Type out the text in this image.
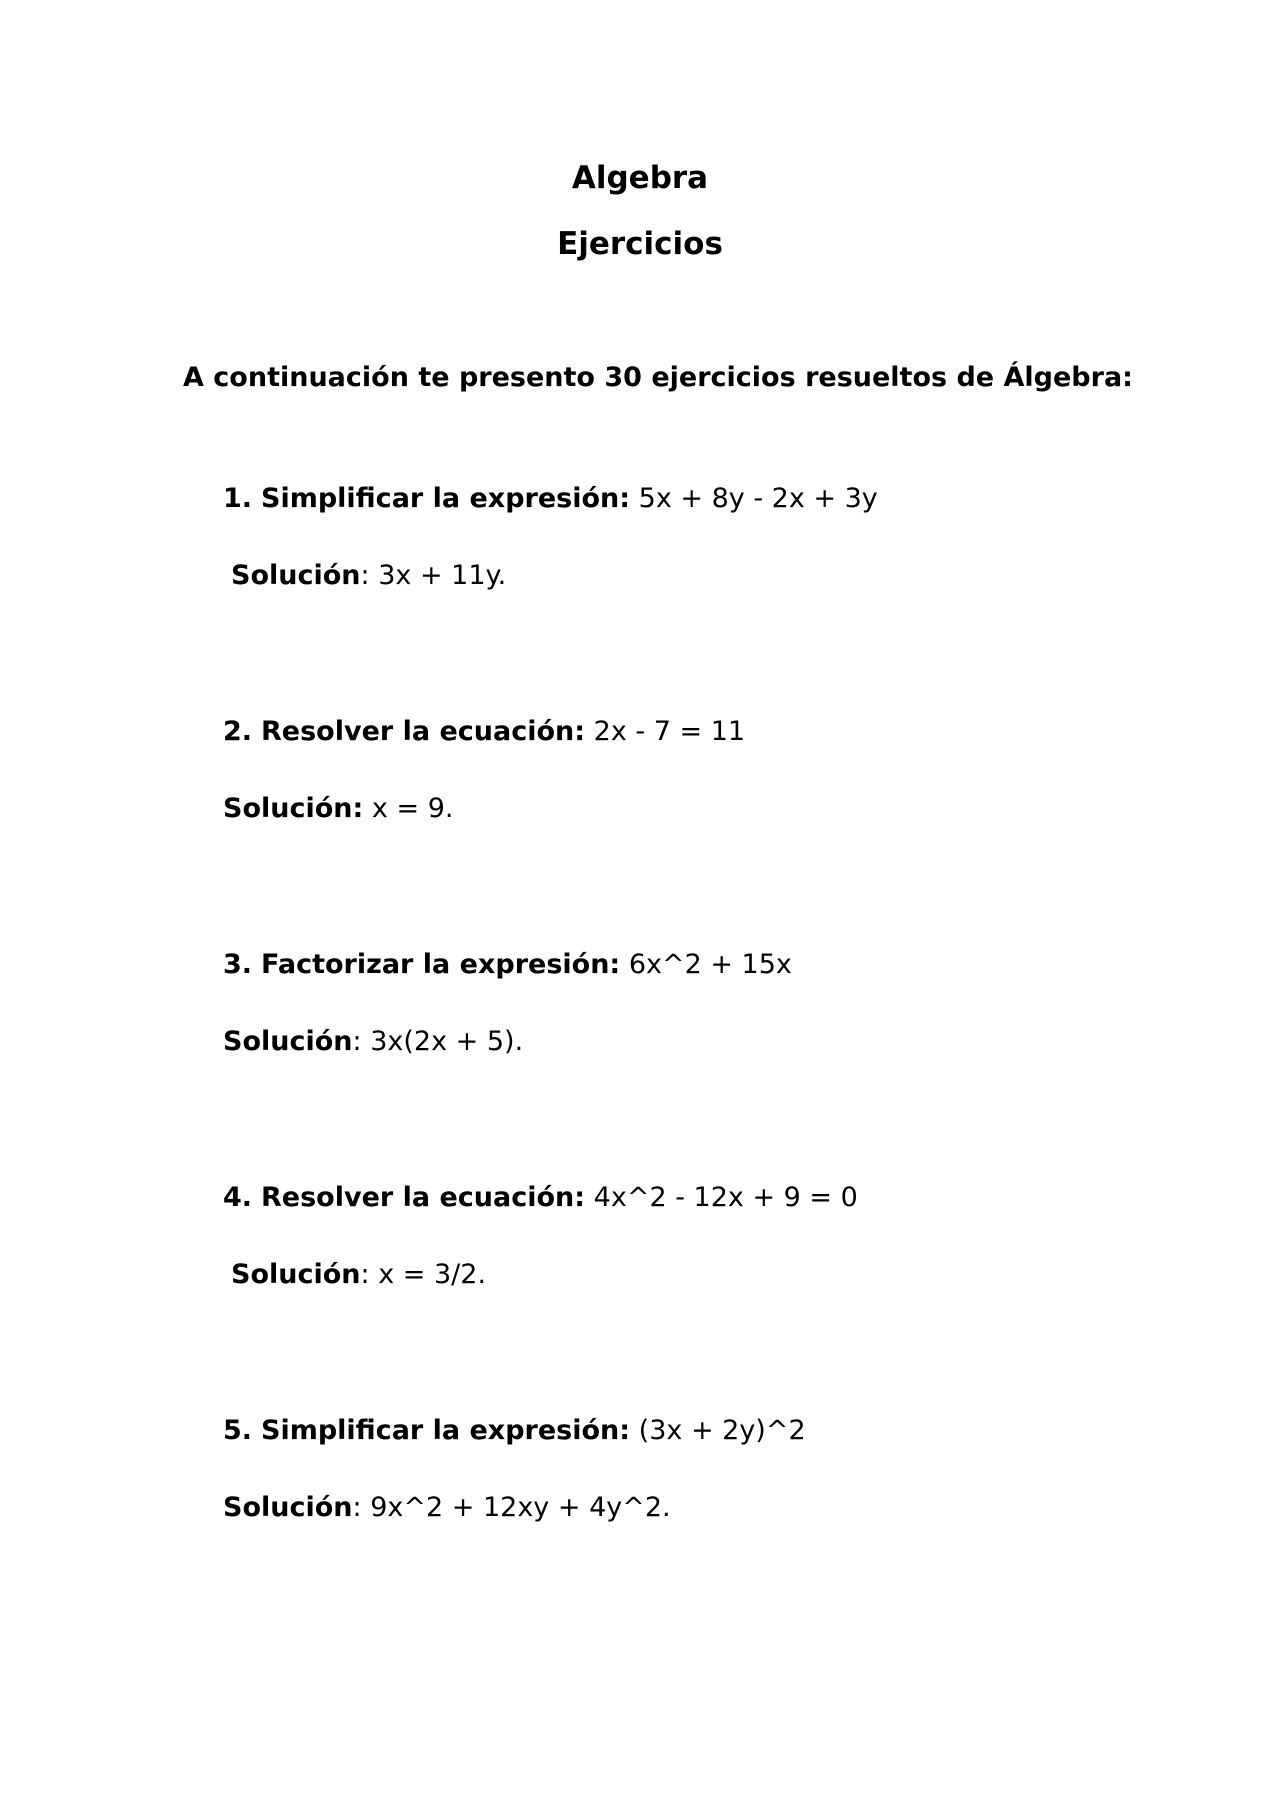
Algebra
Ejercicios
A continuación te presento 30 ejercicios resueltos de Álgebra:
1. Simplificar la expresión: 5x + 8y - 2x + 3y
Solución: 3x + 11y.
2. Resolver la ecuación: 2x - 7 = 11
Solución: x = 9.
3. Factorizar la expresión: 6x^2 + 15x
Solución: 3x(2x + 5).
4. Resolver la ecuación: 4x^2 - 12x + 9 = 0
Solución: x = 3/2.
5. Simplificar la expresión: (3x + 2y)^2
Solución: 9x^2 + 12xy + 4y^2.
